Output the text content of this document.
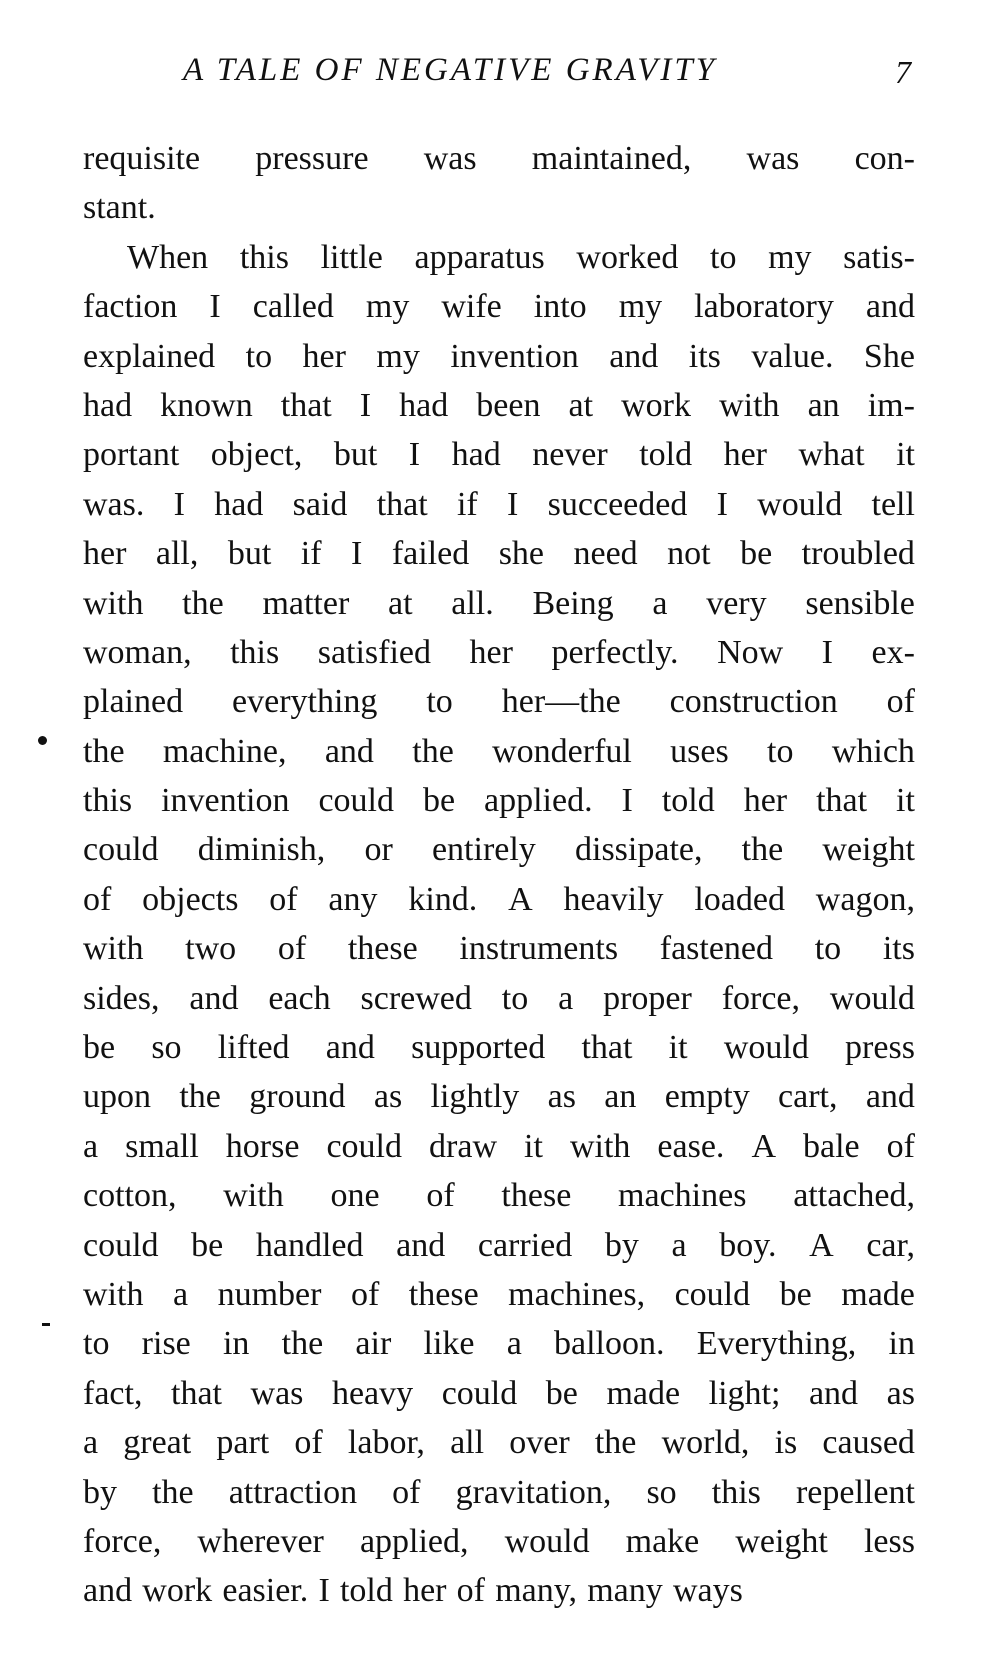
A TALE OF NEGATIVE GRAVITY	7
requisite pressure was maintained, was con-
stant.
When this little apparatus worked to my satis-
faction I called my wife into my laboratory and
explained to her my invention and its value. She
had known that I had been at work with an im-
portant object, but I had never told her what it
was. I had said that if I succeeded I would tell
her all, but if I failed she need not be troubled
with the matter at all. Being a very sensible
woman, this satisfied her perfectly. Now I ex-
plained everything to her—the construction of
the machine, and the wonderful uses to which
this invention could be applied. I told her that it
could diminish, or entirely dissipate, the weight
of objects of any kind. A heavily loaded wagon,
with two of these instruments fastened to its
sides, and each screwed to a proper force, would
be so lifted and supported that it would press
upon the ground as lightly as an empty cart, and
a small horse could draw it with ease. A bale of
cotton, with one of these machines attached,
could be handled and carried by a boy. A car,
with a number of these machines, could be made
to rise in the air like a balloon. Everything, in
fact, that was heavy could be made light; and as
a great part of labor, all over the world, is caused
by the attraction of gravitation, so this repellent
force, wherever applied, would make weight less
and work easier. I told her of many, many ways
